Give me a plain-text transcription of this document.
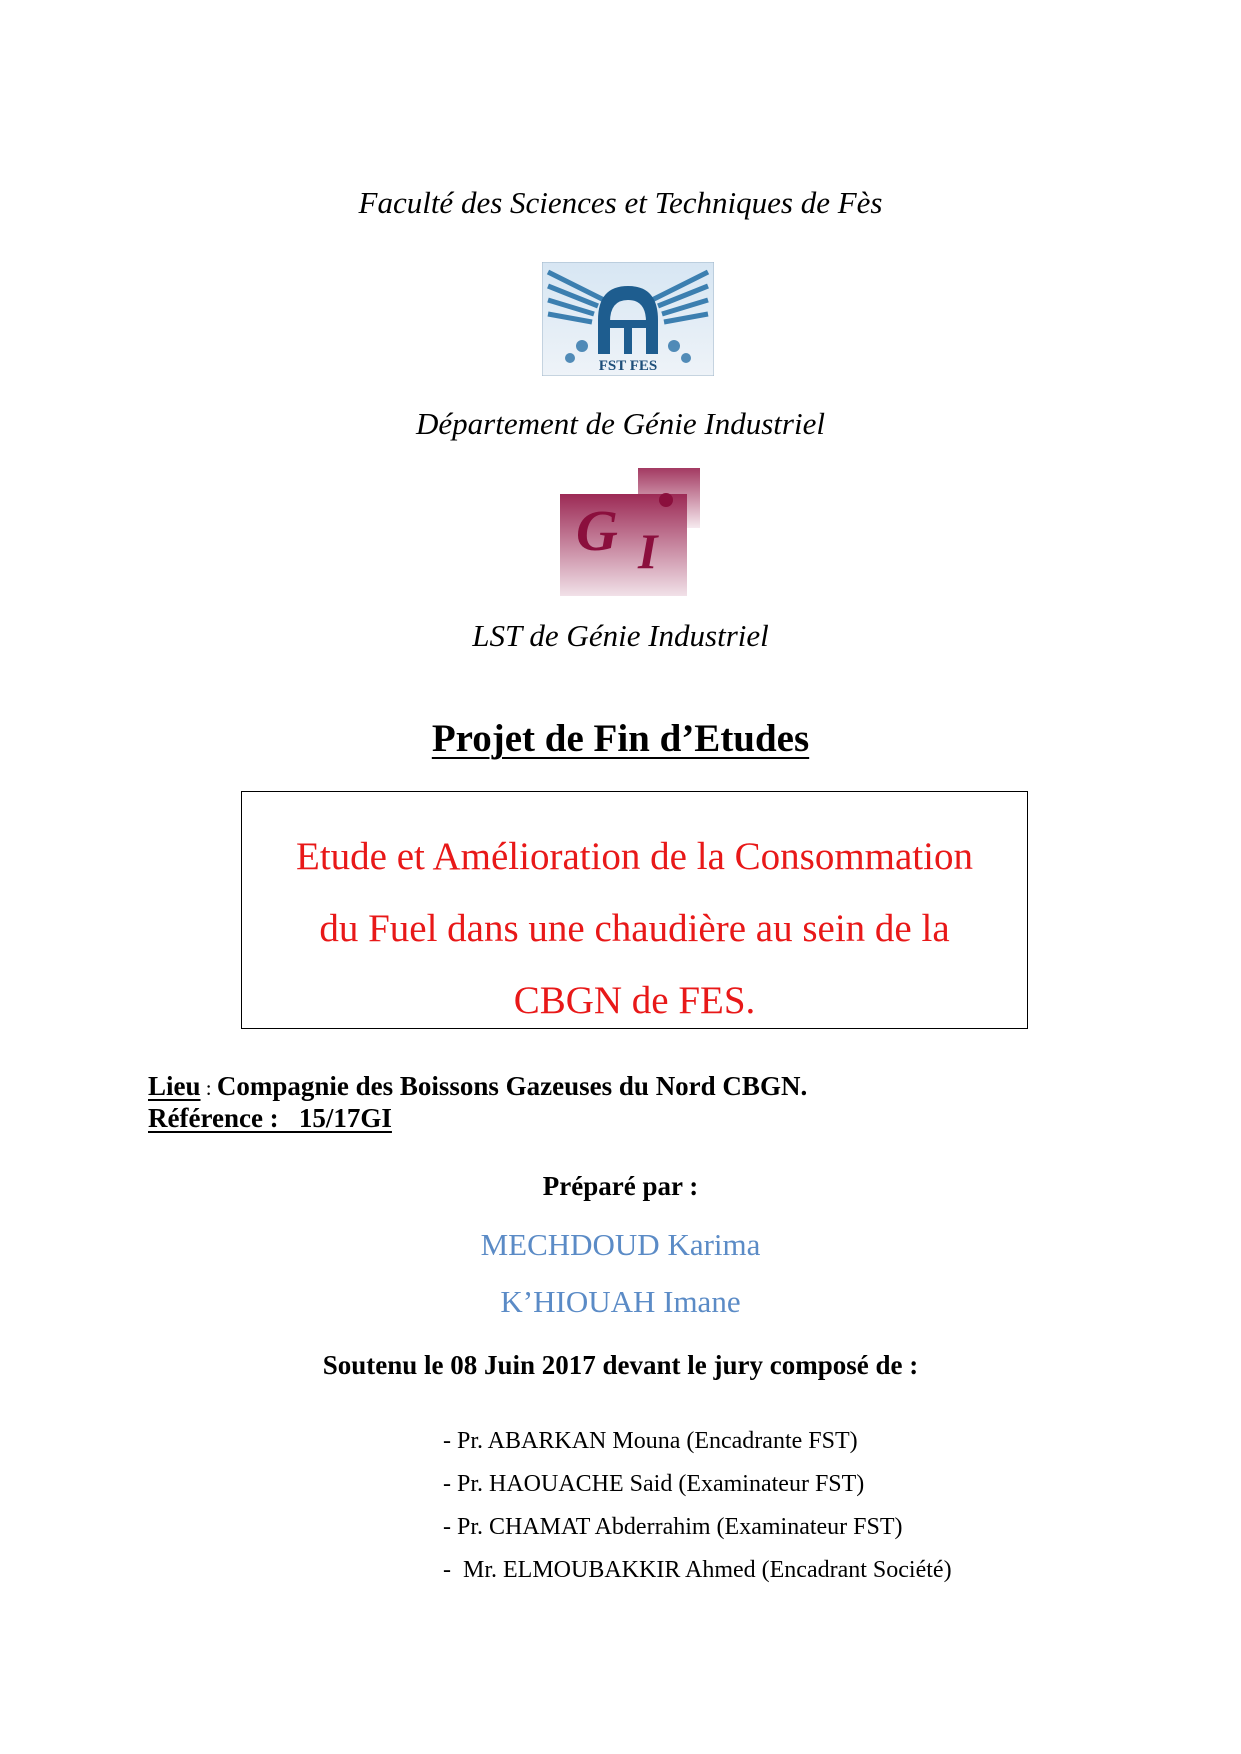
Faculté des Sciences et Techniques de Fès
FST FES
Département de Génie Industriel
G I
LST de Génie Industriel
Projet de Fin d’Etudes
Etude et Amélioration de la Consommation
du Fuel dans une chaudière au sein de la
CBGN de FES.
Lieu : Compagnie des Boissons Gazeuses du Nord CBGN.
Référence :   15/17GI
Préparé par :
MECHDOUD Karima
K’HIOUAH Imane
Soutenu le 08 Juin 2017 devant le jury composé de :
- Pr. ABARKAN Mouna (Encadrante FST)
- Pr. HAOUACHE Said (Examinateur FST)
- Pr. CHAMAT Abderrahim (Examinateur FST)
-  Mr. ELMOUBAKKIR Ahmed (Encadrant Société)
